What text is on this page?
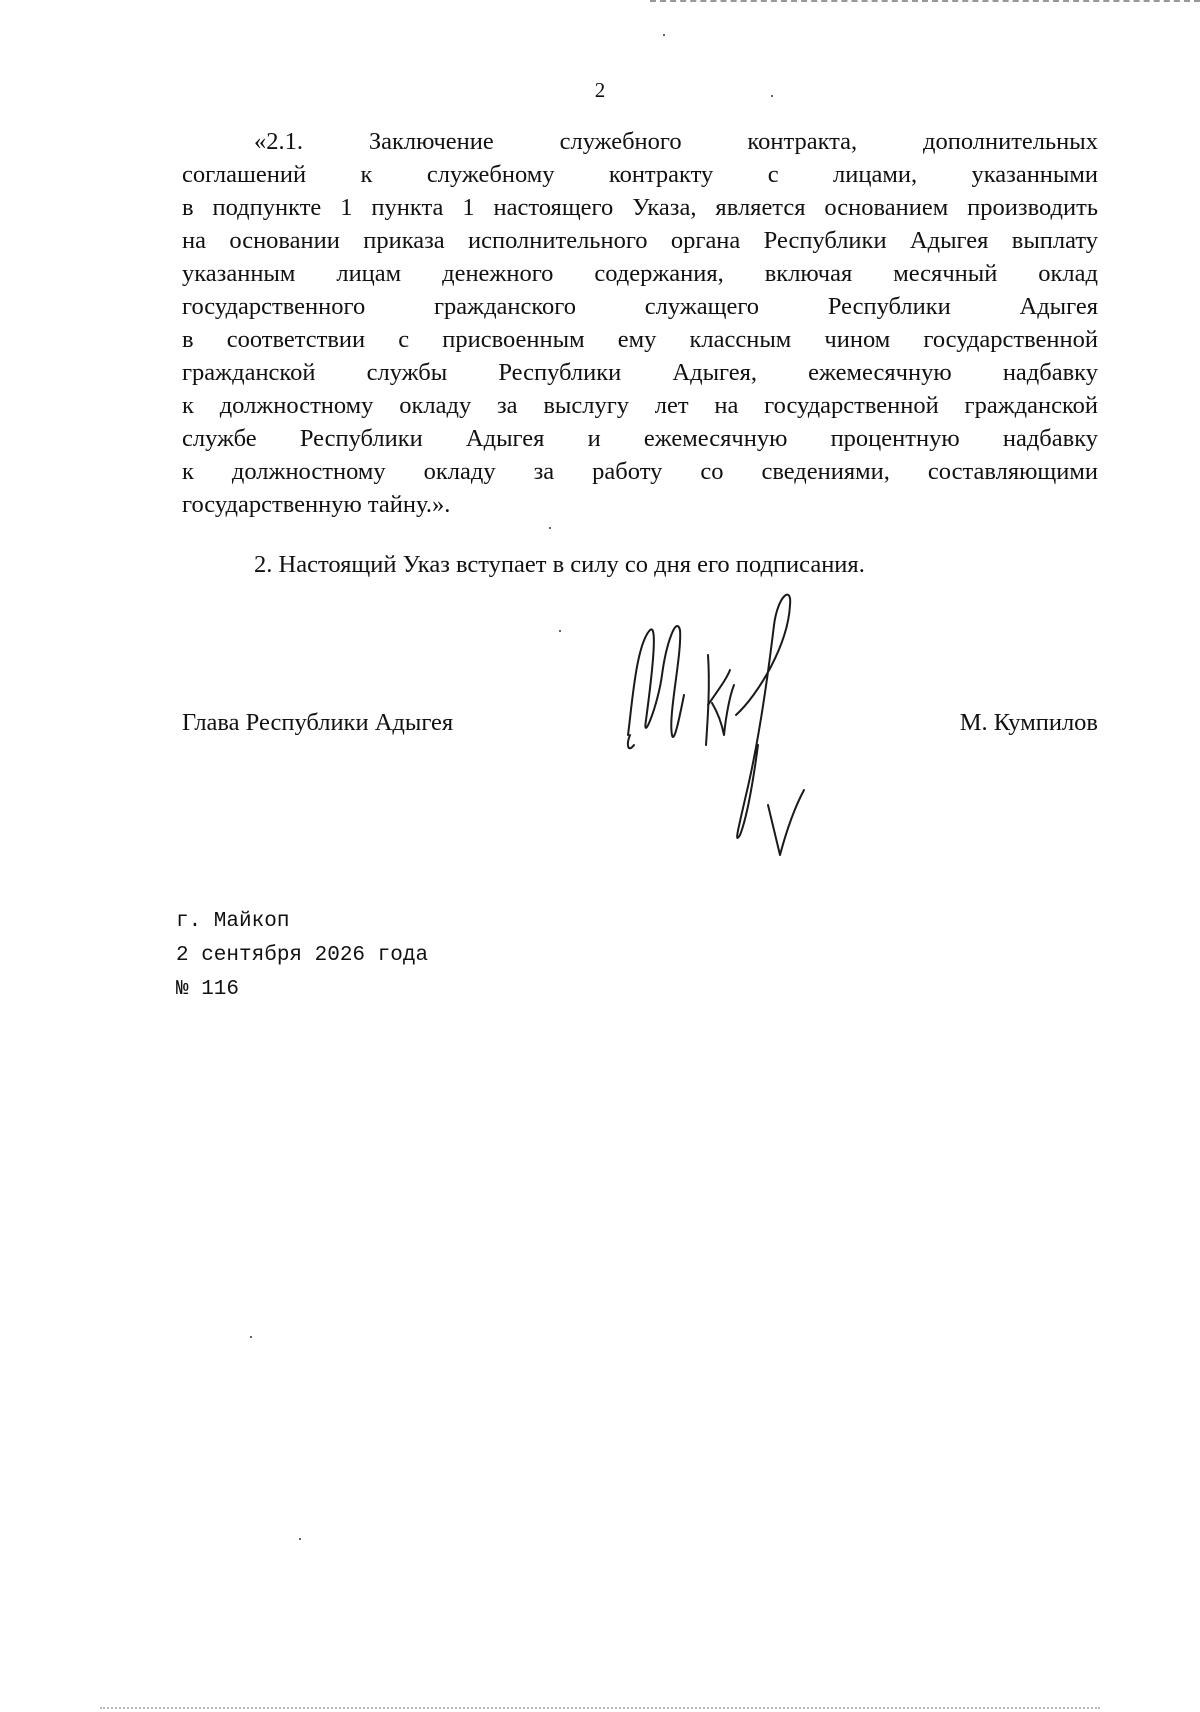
2
«2.1. Заключение служебного контракта, дополнительных
соглашений к служебному контракту с лицами, указанными
в подпункте 1 пункта 1 настоящего Указа, является основанием производить
на основании приказа исполнительного органа Республики Адыгея выплату
указанным лицам денежного содержания, включая месячный оклад
государственного гражданского служащего Республики Адыгея
в соответствии с присвоенным ему классным чином государственной
гражданской службы Республики Адыгея, ежемесячную надбавку
к должностному окладу за выслугу лет на государственной гражданской
службе Республики Адыгея и ежемесячную процентную надбавку
к должностному окладу за работу со сведениями, составляющими
государственную тайну.».
2. Настоящий Указ вступает в силу со дня его подписания.
Глава Республики Адыгея	М. Кумпилов
г. Майкоп
2 сентября 2026 года
№ 116
